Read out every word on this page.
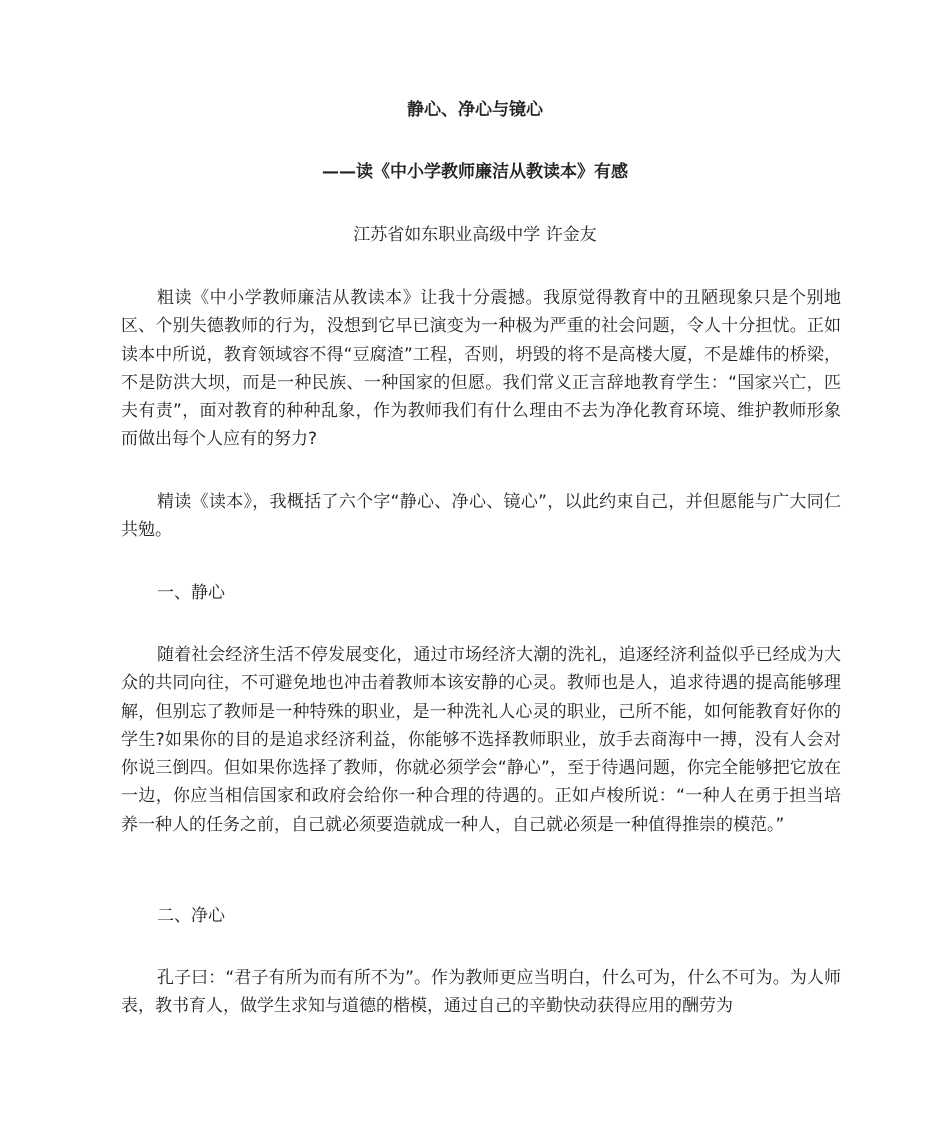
静心、净心与镜心
——读《中小学教师廉洁从教读本》有感
江苏省如东职业高级中学 许金友

粗读《中小学教师廉洁从教读本》让我十分震撼。我原觉得教育中的丑陋现象只是个别地区、个别失德教师的行为，没想到它早已演变为一种极为严重的社会问题，令人十分担忧。正如读本中所说，教育领域容不得“豆腐渣”工程，否则，坍毁的将不是高楼大厦，不是雄伟的桥梁，不是防洪大坝，而是一种民族、一种国家的但愿。我们常义正言辞地教育学生：“国家兴亡，匹夫有责”，面对教育的种种乱象，作为教师我们有什么理由不去为净化教育环境、维护教师形象而做出每个人应有的努力?

精读《读本》，我概括了六个字“静心、净心、镜心”，以此约束自己，并但愿能与广大同仁共勉。

一、静心

随着社会经济生活不停发展变化，通过市场经济大潮的洗礼，追逐经济利益似乎已经成为大众的共同向往，不可避免地也冲击着教师本该安静的心灵。教师也是人，追求待遇的提高能够理解，但别忘了教师是一种特殊的职业，是一种洗礼人心灵的职业，己所不能，如何能教育好你的学生?如果你的目的是追求经济利益，你能够不选择教师职业，放手去商海中一搏，没有人会对你说三倒四。但如果你选择了教师，你就必须学会“静心”，至于待遇问题，你完全能够把它放在一边，你应当相信国家和政府会给你一种合理的待遇的。正如卢梭所说：“一种人在勇于担当培养一种人的任务之前，自己就必须要造就成一种人，自己就必须是一种值得推崇的模范。”

二、净心

孔子曰：“君子有所为而有所不为”。作为教师更应当明白，什么可为，什么不可为。为人师表，教书育人，做学生求知与道德的楷模，通过自己的辛勤快动获得应用的酬劳为
